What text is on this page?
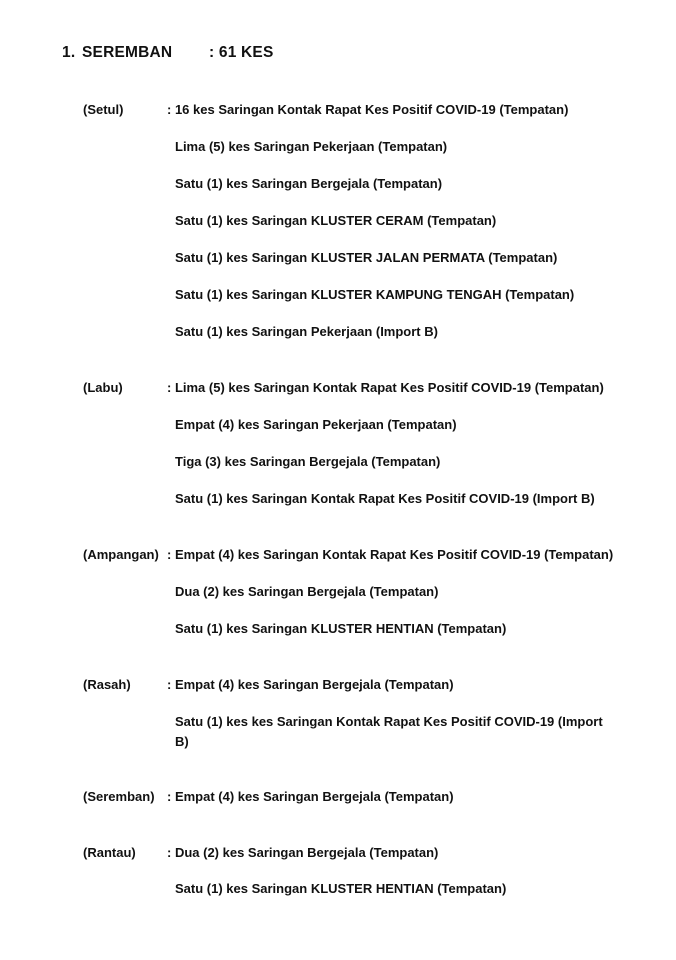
1. SEREMBAN : 61 KES
(Setul)	: 16 kes Saringan Kontak Rapat Kes Positif COVID-19 (Tempatan)
Lima (5) kes Saringan Pekerjaan (Tempatan)
Satu (1) kes Saringan Bergejala (Tempatan)
Satu (1) kes Saringan KLUSTER CERAM (Tempatan)
Satu (1) kes Saringan KLUSTER JALAN PERMATA (Tempatan)
Satu (1) kes Saringan KLUSTER KAMPUNG TENGAH (Tempatan)
Satu (1) kes Saringan Pekerjaan (Import B)
(Labu)	: Lima (5) kes Saringan Kontak Rapat Kes Positif COVID-19 (Tempatan)
Empat (4) kes Saringan Pekerjaan (Tempatan)
Tiga (3) kes Saringan Bergejala (Tempatan)
Satu (1) kes Saringan Kontak Rapat Kes Positif COVID-19 (Import B)
(Ampangan) : Empat (4) kes Saringan Kontak Rapat Kes Positif COVID-19 (Tempatan)
Dua (2) kes Saringan Bergejala (Tempatan)
Satu (1) kes Saringan KLUSTER HENTIAN (Tempatan)
(Rasah)	: Empat (4) kes Saringan Bergejala (Tempatan)
Satu (1) kes kes Saringan Kontak Rapat Kes Positif COVID-19 (Import B)
(Seremban) : Empat (4) kes Saringan Bergejala (Tempatan)
(Rantau) : Dua (2) kes Saringan Bergejala (Tempatan)
Satu (1) kes Saringan KLUSTER HENTIAN (Tempatan)
